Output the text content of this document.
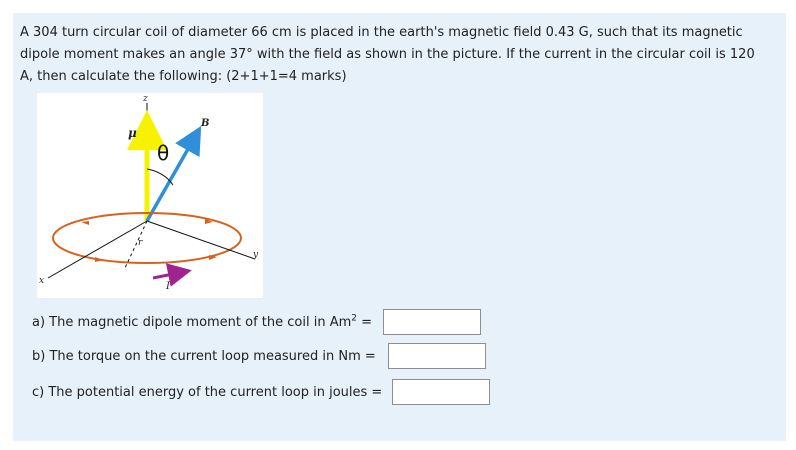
A 304 turn circular coil of diameter 66 cm is placed in the earth's magnetic field 0.43 G, such that its magnetic dipole moment makes an angle 37° with the field as shown in the picture. If the current in the circular coil is 120 A, then calculate the following: (2+1+1=4 marks)
z
μ
B
θ
r
y
x	I
a) The magnetic dipole moment of the coil in $Am^2$ =
b) The torque on the current loop measured in Nm =
c) The potential energy of the current loop in joules =
